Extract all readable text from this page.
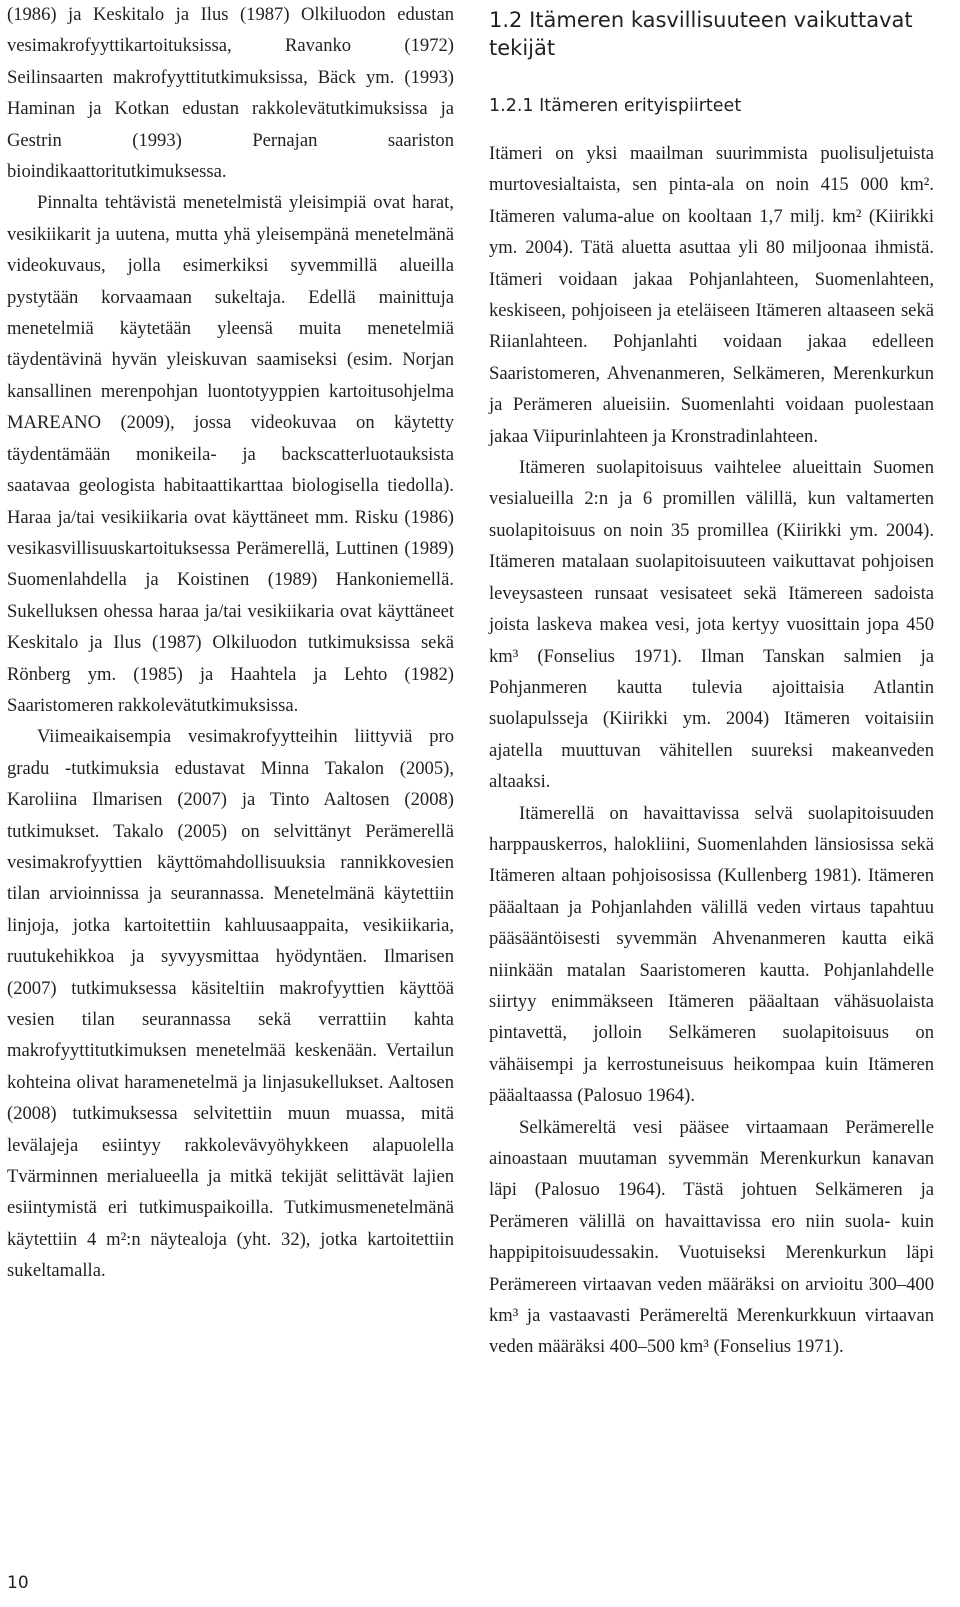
(1986) ja Keskitalo ja Ilus (1987) Olkiluodon edustan vesimakrofyyttikartoituksissa, Ravanko (1972) Seilinsaarten makrofyyttitutkimuksissa, Bäck ym. (1993) Haminan ja Kotkan edustan rakkolevätutkimuksissa ja Gestrin (1993) Pernajan saariston bioindikaattoritutkimuksessa.

Pinnalta tehtävistä menetelmistä yleisimpiä ovat harat, vesikiikarit ja uutena, mutta yhä yleisempänä menetelmänä videokuvaus, jolla esimerkiksi syvemmillä alueilla pystytään korvaamaan sukeltaja. Edellä mainittuja menetelmiä käytetään yleensä muita menetelmiä täydentävinä hyvän yleiskuvan saamiseksi (esim. Norjan kansallinen merenpohjan luontotyyppien kartoitusohjelma MAREANO (2009), jossa videokuvaa on käytetty täydentämään monikeila- ja backscatterluotauksista saatavaa geologista habitaattikarttaa biologisella tiedolla). Haraa ja/tai vesikiikaria ovat käyttäneet mm. Risku (1986) vesikasvillisuuskartoituksessa Perämerellä, Luttinen (1989) Suomenlahdella ja Koistinen (1989) Hankoniemellä. Sukelluksen ohessa haraa ja/tai vesikiikaria ovat käyttäneet Keskitalo ja Ilus (1987) Olkiluodon tutkimuksissa sekä Rönberg ym. (1985) ja Haahtela ja Lehto (1982) Saaristomeren rakkolevätutkimuksissa.

Viimeaikaisempia vesimakrofyytteihin liittyviä pro gradu -tutkimuksia edustavat Minna Takalon (2005), Karoliina Ilmarisen (2007) ja Tinto Aaltosen (2008) tutkimukset. Takalo (2005) on selvittänyt Perämerellä vesimakrofyyttien käyttömahdollisuuksia rannikkovesien tilan arvioinnissa ja seurannassa. Menetelmänä käytettiin linjoja, jotka kartoitettiin kahluusaappaita, vesikiikaria, ruutukehikkoa ja syvyysmittaa hyödyntäen. Ilmarisen (2007) tutkimuksessa käsiteltiin makrofyyttien käyttöä vesien tilan seurannassa sekä verrattiin kahta makrofyyttitutkimuksen menetelmää keskenään. Vertailun kohteina olivat haramenetelmä ja linjasukellukset. Aaltosen (2008) tutkimuksessa selvitettiin muun muassa, mitä levälajeja esiintyy rakkolevävyöhykkeen alapuolella Tvärminnen merialueella ja mitkä tekijät selittävät lajien esiintymistä eri tutkimuspaikoilla. Tutkimusmenetelmänä käytettiin 4 m²:n näytealoja (yht. 32), jotka kartoitettiin sukeltamalla.

1.2 Itämeren kasvillisuuteen vaikuttavat tekijät
1.2.1 Itämeren erityispiirteet

Itämeri on yksi maailman suurimmista puolisuljetuista murtovesialtaista, sen pinta-ala on noin 415 000 km². Itämeren valuma-alue on kooltaan 1,7 milj. km² (Kiirikki ym. 2004). Tätä aluetta asuttaa yli 80 miljoonaa ihmistä. Itämeri voidaan jakaa Pohjanlahteen, Suomenlahteen, keskiseen, pohjoiseen ja eteläiseen Itämeren altaaseen sekä Riianlahteen. Pohjanlahti voidaan jakaa edelleen Saaristomeren, Ahvenanmeren, Selkämeren, Merenkurkun ja Perämeren alueisiin. Suomenlahti voidaan puolestaan jakaa Viipurinlahteen ja Kronstradinlahteen.

Itämeren suolapitoisuus vaihtelee alueittain Suomen vesialueilla 2:n ja 6 promillen välillä, kun valtamerten suolapitoisuus on noin 35 promillea (Kiirikki ym. 2004). Itämeren matalaan suolapitoisuuteen vaikuttavat pohjoisen leveysasteen runsaat vesisateet sekä Itämereen sadoista joista laskeva makea vesi, jota kertyy vuosittain jopa 450 km³ (Fonselius 1971). Ilman Tanskan salmien ja Pohjanmeren kautta tulevia ajoittaisia Atlantin suolapulsseja (Kiirikki ym. 2004) Itämeren voitaisiin ajatella muuttuvan vähitellen suureksi makeanveden altaaksi.

Itämerellä on havaittavissa selvä suolapitoisuuden harppauskerros, halokliini, Suomenlahden länsiosissa sekä Itämeren altaan pohjoisosissa (Kullenberg 1981). Itämeren pääaltaan ja Pohjanlahden välillä veden virtaus tapahtuu pääsääntöisesti syvemmän Ahvenanmeren kautta eikä niinkään matalan Saaristomeren kautta. Pohjanlahdelle siirtyy enimmäkseen Itämeren pääaltaan vähäsuolaista pintavettä, jolloin Selkämeren suolapitoisuus on vähäisempi ja kerrostuneisuus heikompaa kuin Itämeren pääaltaassa (Palosuo 1964).

Selkämereltä vesi pääsee virtaamaan Perämerelle ainoastaan muutaman syvemmän Merenkurkun kanavan läpi (Palosuo 1964). Tästä johtuen Selkämeren ja Perämeren välillä on havaittavissa ero niin suola- kuin happipitoisuudessakin. Vuotuiseksi Merenkurkun läpi Perämereen virtaavan veden määräksi on arvioitu 300–400 km³ ja vastaavasti Perämereltä Merenkurkkuun virtaavan veden määräksi 400–500 km³ (Fonselius 1971).

10
